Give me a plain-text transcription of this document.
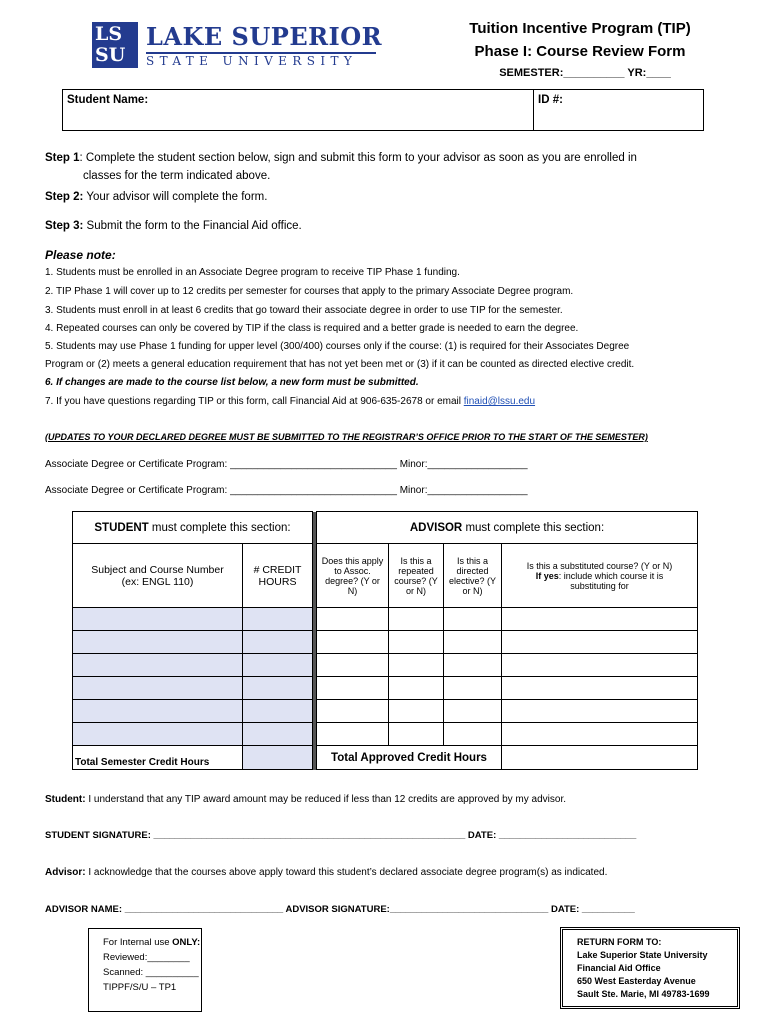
LS
SU
LAKE SUPERIOR
STATE UNIVERSITY
Tuition Incentive Program (TIP)
Phase I: Course Review Form
SEMESTER:__________ YR:____
Student Name:	ID #:
Step 1: Complete the student section below, sign and submit this form to your advisor as soon as you are enrolled in
classes for the term indicated above.
Step 2: Your advisor will complete the form.
Step 3: Submit the form to the Financial Aid office.
Please note:
1. Students must be enrolled in an Associate Degree program to receive TIP Phase 1 funding.
2. TIP Phase 1 will cover up to 12 credits per semester for courses that apply to the primary Associate Degree program.
3. Students must enroll in at least 6 credits that go toward their associate degree in order to use TIP for the semester.
4. Repeated courses can only be covered by TIP if the class is required and a better grade is needed to earn the degree.
5. Students may use Phase 1 funding for upper level (300/400) courses only if the course: (1) is required for their Associates Degree
Program or (2) meets a general education requirement that has not yet been met or (3) if it can be counted as directed elective credit.
6. If changes are made to the course list below, a new form must be submitted.
7. If you have questions regarding TIP or this form, call Financial Aid at 906-635-2678 or email finaid@lssu.edu
(UPDATES TO YOUR DECLARED DEGREE MUST BE SUBMITTED TO THE REGISTRAR’S OFFICE PRIOR TO THE START OF THE SEMESTER)
Associate Degree or Certificate Program: ______________________________ Minor:__________________
Associate Degree or Certificate Program: ______________________________ Minor:__________________
STUDENT must complete this section:			ADVISOR must complete this section:			
Subject and Course Number (ex: ENGL 110)	# CREDIT HOURS		Does this apply to Assoc. degree? (Y or N)	Is this a repeated course? (Y or N)	Is this a directed elective? (Y or N)	Is this a substituted course? (Y or N)
If yes: include which course it is substituting for

Total Semester Credit Hours			Total Approved Credit Hours			
Student: I understand that any TIP award amount may be reduced if less than 12 credits are approved by my advisor.
STUDENT SIGNATURE: ___________________________________________________________ DATE: __________________________
Advisor: I acknowledge that the courses above apply toward this student’s declared associate degree program(s) as indicated.
ADVISOR NAME: ______________________________ ADVISOR SIGNATURE:______________________________ DATE: __________
For Internal use ONLY:
Reviewed:________
Scanned: __________
TIPPF/S/U – TP1
RETURN FORM TO:
Lake Superior State University
Financial Aid Office
650 West Easterday Avenue
Sault Ste. Marie, MI 49783-1699
